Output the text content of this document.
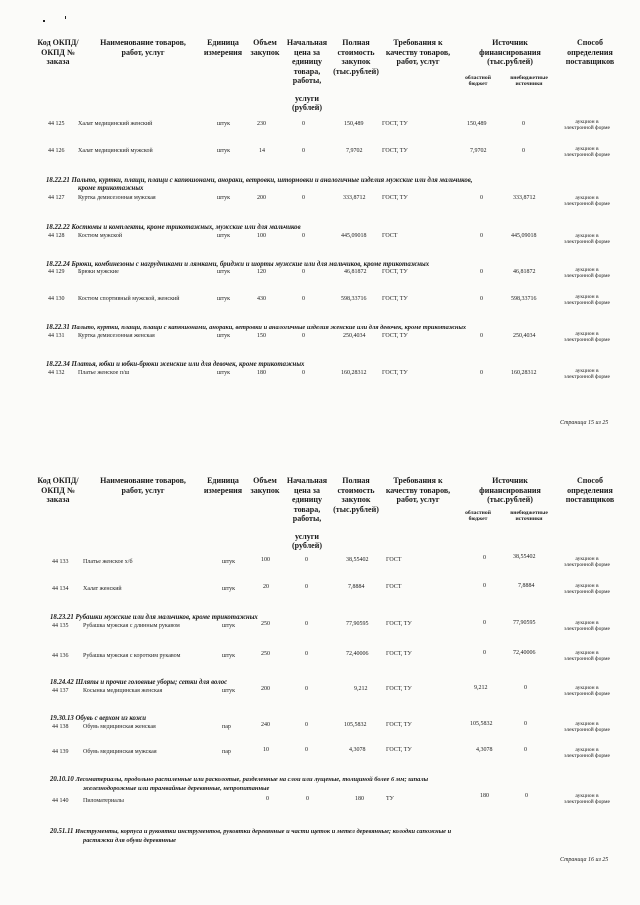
Код ОКПД/ ОКПД № заказа
Наименование товаров, работ, услуг
Единица измерения
Объем закупок
Начальная цена за единицу товара, работы,
услуги (рублей)
Полная стоимость закупок (тыс.рублей)
Требования к качеству товаров, работ, услуг
Источник финансирования (тыс.рублей)
областной бюджет
внебюджетные источники
Способ определения поставщиков
44 125 Халат медицинский женский	штук	230	0	150,489	ГОСТ, ТУ	150,489	0	аукцион в электронной форме
44 126 Халат медицинский мужской	штук	14	0	7,9702	ГОСТ, ТУ	7,9702	0	аукцион в электронной форме
18.22.21 Пальто, куртки, плащи, плащи с капюшонами, анораки, ветровки, штормовки и аналогичные изделия мужские или для мальчиков,
кроме трикотажных
44 127 Куртка демисезонная мужская	штук	200	0	333,8712	ГОСТ, ТУ	0	333,8712	аукцион в электронной форме
18.22.22 Костюмы и комплекты, кроме трикотажных, мужские или для мальчиков
44 128 Костюм мужской	штук	100	0	445,09018	ГОСТ	0	445,09018	аукцион в электронной форме
18.22.24 Брюки, комбинезоны с нагрудниками и лямками, бриджи и шорты мужские или для мальчиков, кроме трикотажных
44 129 Брюки мужские	штук	120	0	46,81872	ГОСТ, ТУ	0	46,81872	аукцион в электронной форме
44 130 Костюм спортивный мужской, женский	штук	430	0	598,33716	ГОСТ, ТУ	0	598,33716	аукцион в электронной форме
18.22.31 Пальто, куртки, плащи, плащи с капюшонами, анораки, ветровки и аналогичные изделия женские или для девочек, кроме трикотажных
44 131 Куртка демисезонная женская	штук	150	0	250,4034	ГОСТ, ТУ	0	250,4034	аукцион в электронной форме
18.22.34 Платья, юбки и юбки-брюки женские или для девочек, кроме трикотажных
44 132 Платье женское п/ш	штук	180	0	160,28312	ГОСТ, ТУ	0	160,28312	аукцион в электронной форме
Страница 15 из 25
Код ОКПД/ ОКПД № заказа
Наименование товаров, работ, услуг
Единица измерения
Объем закупок
Начальная цена за единицу товара, работы,
услуги (рублей)
Полная стоимость закупок (тыс.рублей)
Требования к качеству товаров, работ, услуг
Источник финансирования (тыс.рублей)
областной бюджет
внебюджетные источники
Способ определения поставщиков
44 133 Платье женское х/б	штук	100	0	38,55402	ГОСТ	0	38,55402	аукцион в электронной форме
44 134 Халат женский	штук	20	0	7,8884	ГОСТ	0	7,8884	аукцион в электронной форме
18.23.21 Рубашки мужские или для мальчиков, кроме трикотажных
44 135 Рубашка мужская с длинным рукавом	штук	250	0	77,90595	ГОСТ, ТУ	0	77,90595	аукцион в электронной форме
44 136 Рубашка мужская с коротким рукавом	штук	250	0	72,40006	ГОСТ, ТУ	0	72,40006	аукцион в электронной форме
18.24.42 Шляпы и прочие головные уборы; сетки для волос
44 137 Косынка медицинская женская	штук	200	0	9,212	ГОСТ, ТУ	9,212	0	аукцион в электронной форме
19.30.13 Обувь с верхом из кожи
44 138 Обувь медицинская женская	пар	240	0	105,5832	ГОСТ, ТУ	105,5832	0	аукцион в электронной форме
44 139 Обувь медицинская мужская	пар	10	0	4,3078	ГОСТ, ТУ	4,3078	0	аукцион в электронной форме
20.10.10 Лесоматериалы, продольно распиленные или расколотые, разделенные на слои или лущеные, толщиной более 6 мм; шпалы
железнодорожные или трамвайные деревянные, непропитанные
44 140 Пиломатериалы	0	0	180	ТУ	180	0	аукцион в электронной форме
20.51.11 Инструменты, корпуса и рукоятки инструментов, рукоятки деревянные и части щеток и метел деревянные; колодки сапожные и
растяжки для обуви деревянные
Страница 16 из 25
